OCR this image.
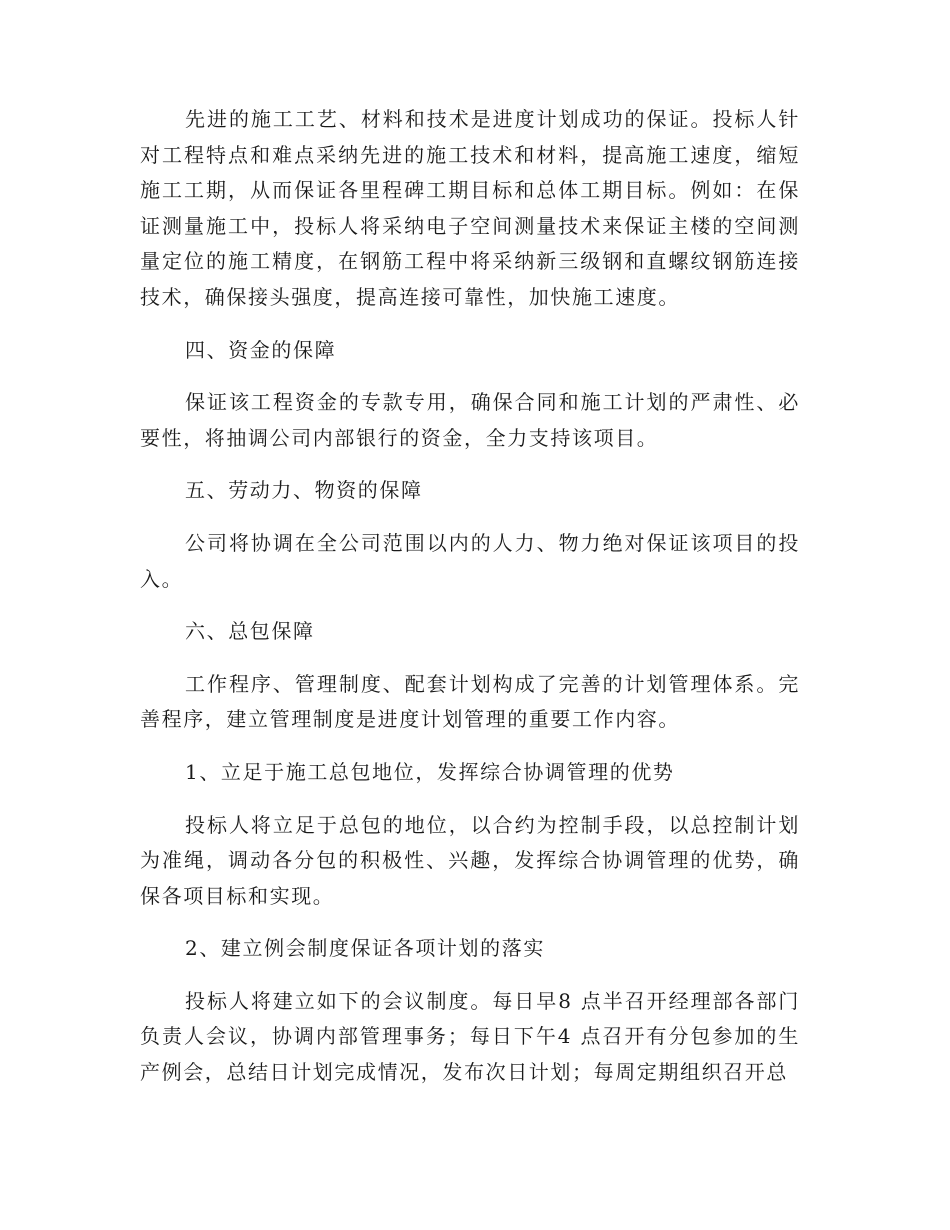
先进的施工工艺、材料和技术是进度计划成功的保证。投标人针对工程特点和难点采纳先进的施工技术和材料，提高施工速度，缩短施工工期，从而保证各里程碑工期目标和总体工期目标。例如：在保证测量施工中，投标人将采纳电子空间测量技术来保证主楼的空间测量定位的施工精度，在钢筋工程中将采纳新三级钢和直螺纹钢筋连接技术，确保接头强度，提高连接可靠性，加快施工速度。

四、资金的保障

保证该工程资金的专款专用，确保合同和施工计划的严肃性、必要性，将抽调公司内部银行的资金，全力支持该项目。

五、劳动力、物资的保障

公司将协调在全公司范围以内的人力、物力绝对保证该项目的投入。

六、总包保障

工作程序、管理制度、配套计划构成了完善的计划管理体系。完善程序，建立管理制度是进度计划管理的重要工作内容。

1、立足于施工总包地位，发挥综合协调管理的优势

投标人将立足于总包的地位，以合约为控制手段，以总控制计划为准绳，调动各分包的积极性、兴趣，发挥综合协调管理的优势，确保各项目标和实现。

2、建立例会制度保证各项计划的落实

投标人将建立如下的会议制度。每日早8 点半召开经理部各部门负责人会议，协调内部管理事务；每日下午4 点召开有分包参加的生产例会，总结日计划完成情况，发布次日计划；每周定期组织召开总
